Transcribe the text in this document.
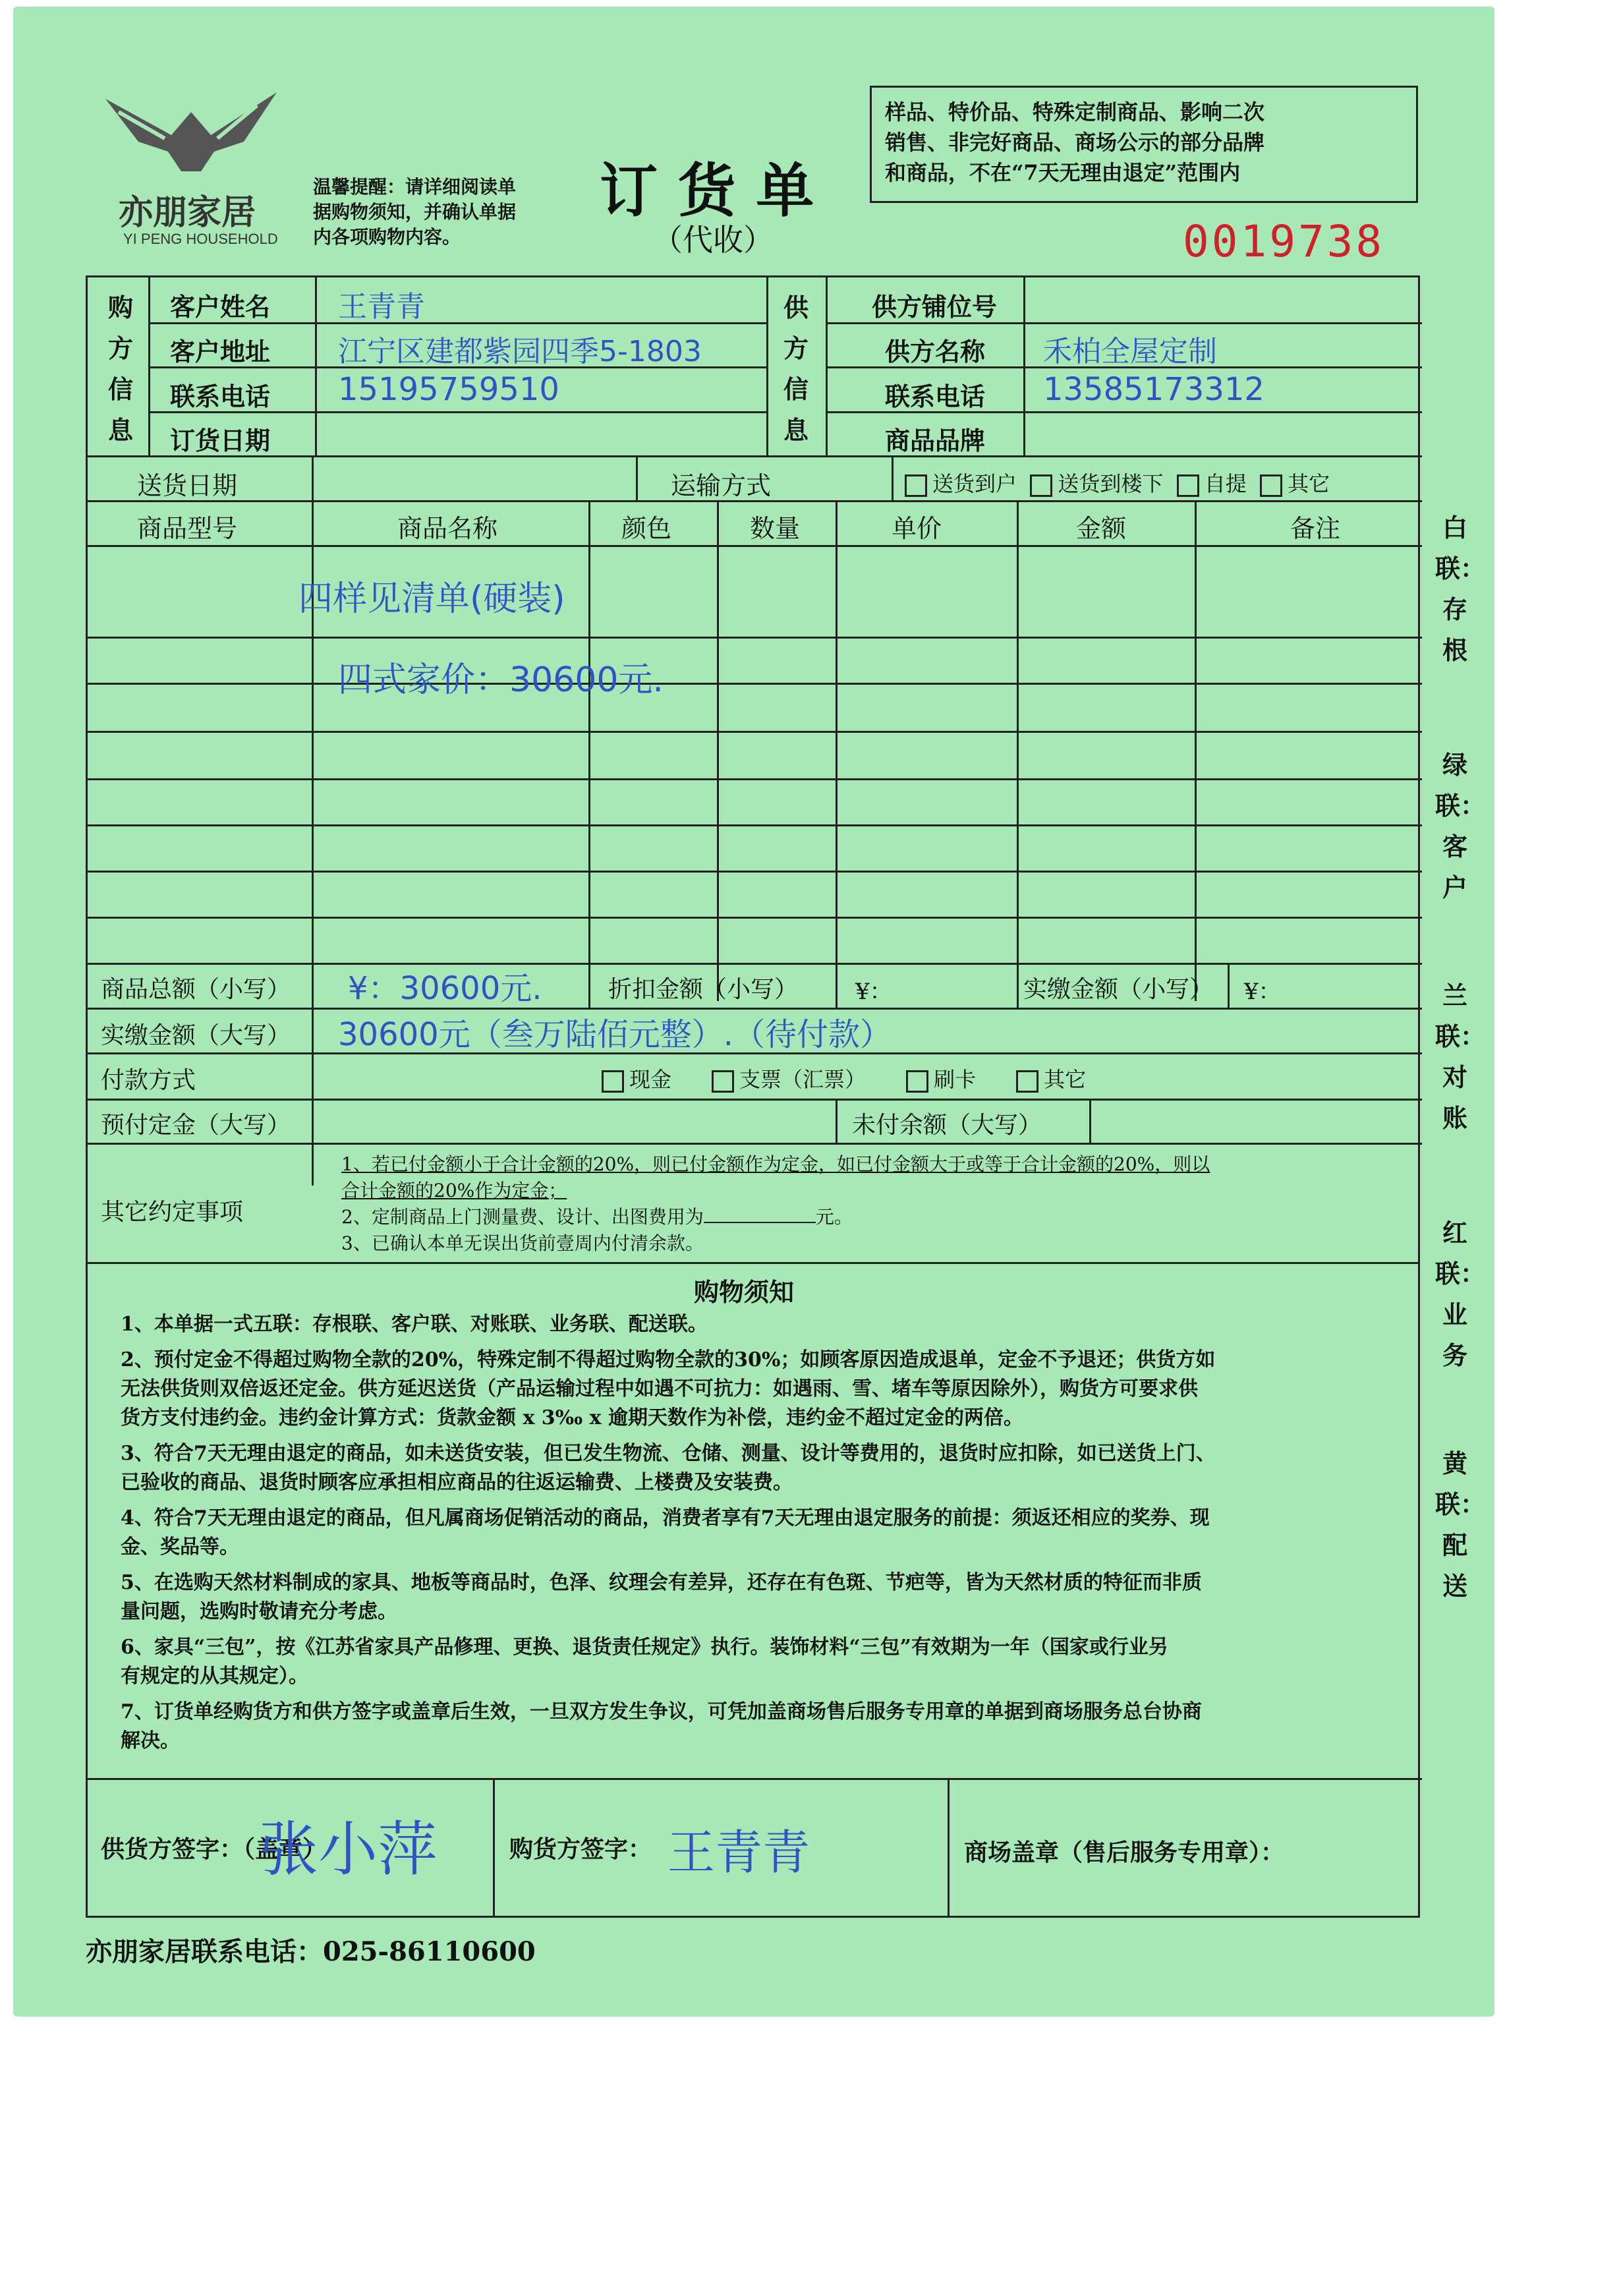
亦朋家居
YI PENG HOUSEHOLD
温馨提醒：请详细阅读单
据购物须知，并确认单据
内各项购物内容。
订 货 单
（代收）
样品、特价品、特殊定制商品、影响二次
销售、非完好商品、商场公示的部分品牌
和商品，不在“7天无理由退定”范围内
0019738
购方信息
客户姓名 王青青
客户地址 江宁区建都紫园四季5-1803
联系电话 15195759510
订货日期
供方信息
供方铺位号
供方名称 禾柏全屋定制
联系电话 13585173312
商品品牌
送货日期	运输方式	送货到户 送货到楼下 自提 其它
商品型号	商品名称	颜色	数量	单价	金额	备注
四样见清单(硬装)
四式家价：30600元.
商品总额（小写） ¥：30600元.	折扣金额（小写）	¥：	实缴金额（小写） ¥：
实缴金额（大写） 30600元（叁万陆佰元整）.（待付款）
付款方式	现金	支票（汇票）	刷卡	其它
预付定金（大写）	未付余额（大写）
其它约定事项
1、若已付金额小于合计金额的20%，则已付金额作为定金，如已付金额大于或等于合计金额的20%，则以
合计金额的20%作为定金；
2、定制商品上门测量费、设计、出图费用为	元。
3、已确认本单无误出货前壹周内付清余款。
购物须知
1、本单据一式五联：存根联、客户联、对账联、业务联、配送联。
2、预付定金不得超过购物全款的20%，特殊定制不得超过购物全款的30%；如顾客原因造成退单，定金不予退还；供货方如
无法供货则双倍返还定金。供方延迟送货（产品运输过程中如遇不可抗力：如遇雨、雪、堵车等原因除外），购货方可要求供
货方支付违约金。违约金计算方式：货款金额 x 3‰ x 逾期天数作为补偿，违约金不超过定金的两倍。
3、符合7天无理由退定的商品，如未送货安装，但已发生物流、仓储、测量、设计等费用的，退货时应扣除，如已送货上门、
已验收的商品、退货时顾客应承担相应商品的往返运输费、上楼费及安装费。
4、符合7天无理由退定的商品，但凡属商场促销活动的商品，消费者享有7天无理由退定服务的前提：须返还相应的奖券、现
金、奖品等。
5、在选购天然材料制成的家具、地板等商品时，色泽、纹理会有差异，还存在有色斑、节疤等，皆为天然材质的特征而非质
量问题，选购时敬请充分考虑。
6、家具“三包”，按《江苏省家具产品修理、更换、退货责任规定》执行。装饰材料“三包”有效期为一年（国家或行业另
有规定的从其规定）。
7、订货单经购货方和供方签字或盖章后生效，一旦双方发生争议，可凭加盖商场售后服务专用章的单据到商场服务总台协商
解决。
供货方签字：（盖章）
张小萍	购货方签字： 王青青	商场盖章（售后服务专用章）：
亦朋家居联系电话：025-86110600
白联：存根
绿联：客户
兰联：对账
红联：业务
黄联：配送
